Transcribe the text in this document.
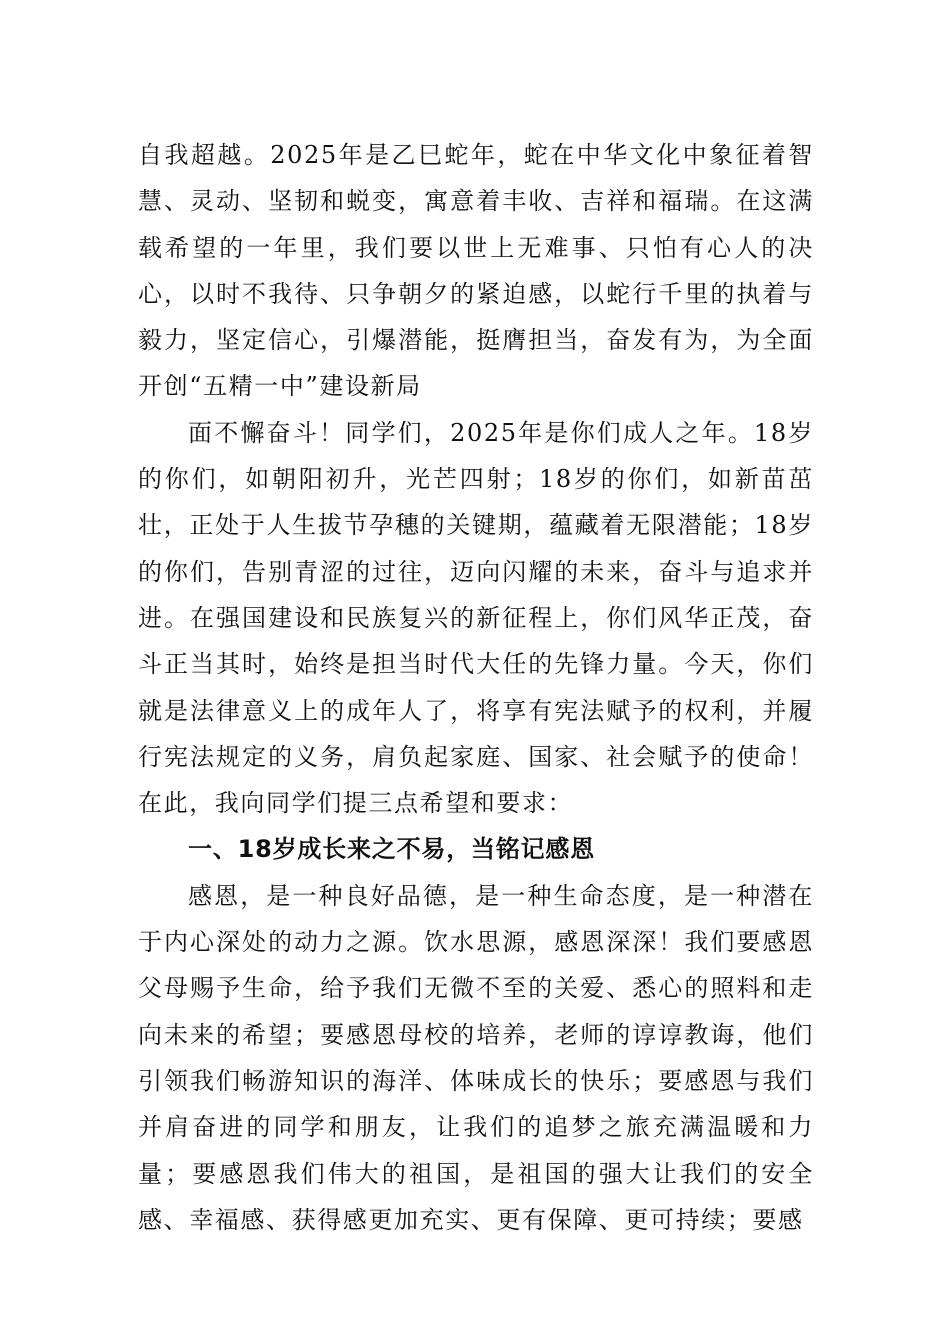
自我超越。2025年是乙巳蛇年，蛇在中华文化中象征着智慧、灵动、坚韧和蜕变，寓意着丰收、吉祥和福瑞。在这满载希望的一年里，我们要以世上无难事、只怕有心人的决心，以时不我待、只争朝夕的紧迫感，以蛇行千里的执着与毅力，坚定信心，引爆潜能，挺膺担当，奋发有为，为全面开创“五精一中”建设新局

面不懈奋斗！同学们，2025年是你们成人之年。18岁的你们，如朝阳初升，光芒四射；18岁的你们，如新苗茁壮，正处于人生拔节孕穗的关键期，蕴藏着无限潜能；18岁的你们，告别青涩的过往，迈向闪耀的未来，奋斗与追求并进。在强国建设和民族复兴的新征程上，你们风华正茂，奋斗正当其时，始终是担当时代大任的先锋力量。今天，你们就是法律意义上的成年人了，将享有宪法赋予的权利，并履行宪法规定的义务，肩负起家庭、国家、社会赋予的使命！在此，我向同学们提三点希望和要求：

一、18岁成长来之不易，当铭记感恩

感恩，是一种良好品德，是一种生命态度，是一种潜在于内心深处的动力之源。饮水思源，感恩深深！我们要感恩父母赐予生命，给予我们无微不至的关爱、悉心的照料和走向未来的希望；要感恩母校的培养，老师的谆谆教诲，他们引领我们畅游知识的海洋、体味成长的快乐；要感恩与我们并肩奋进的同学和朋友，让我们的追梦之旅充满温暖和力量；要感恩我们伟大的祖国，是祖国的强大让我们的安全感、幸福感、获得感更加充实、更有保障、更可持续；要感
